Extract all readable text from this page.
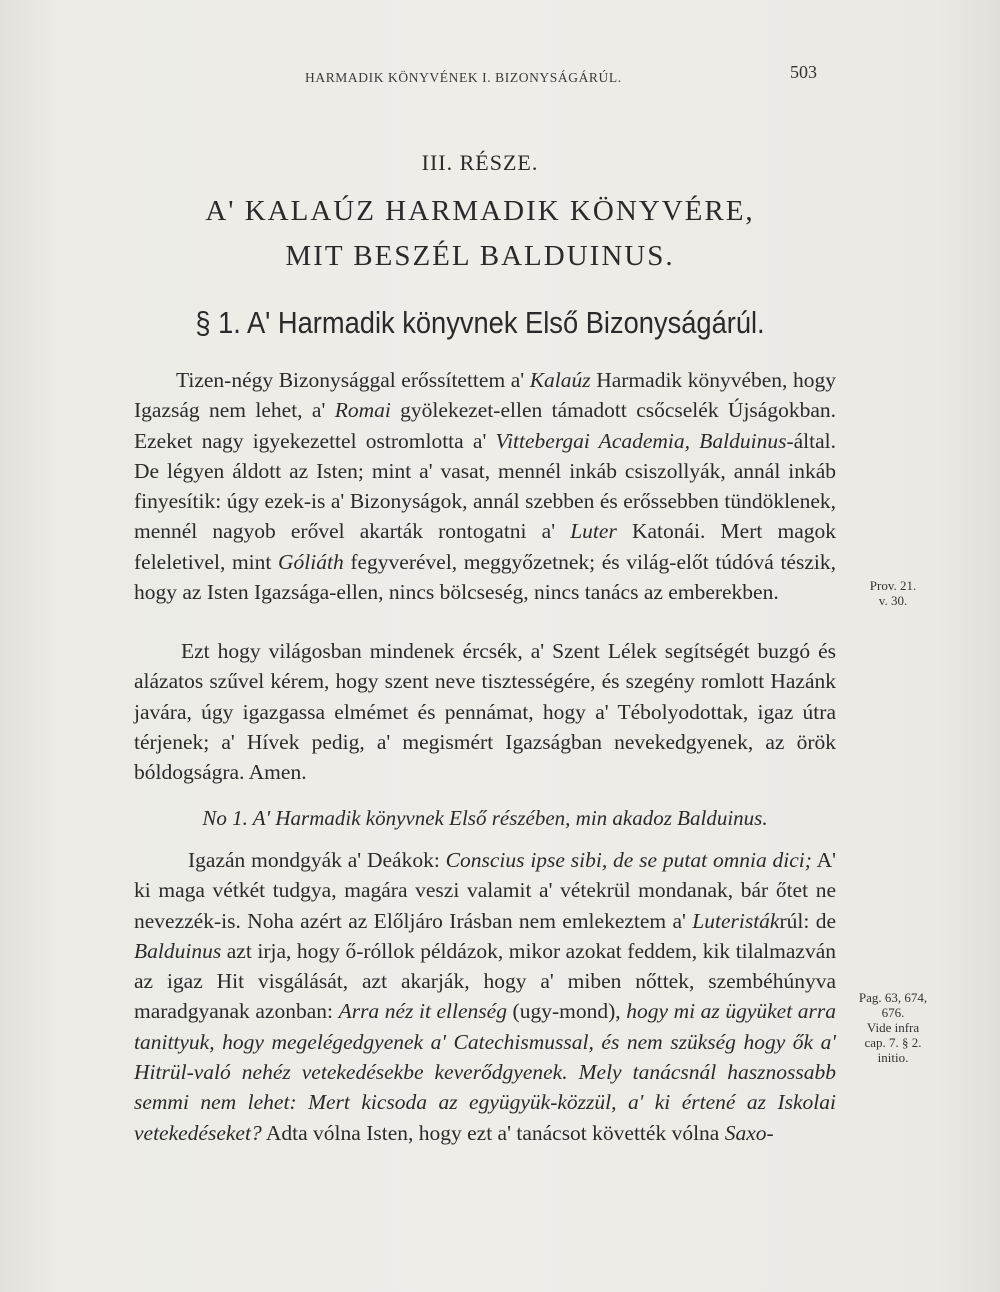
HARMADIK KÖNYVÉNEK I. BIZONYSÁGÁRÚL.	503
III. RÉSZE.
A' KALAÚZ HARMADIK KÖNYVÉRE,
MIT BESZÉL BALDUINUS.
§ 1. A' Harmadik könyvnek Első Bizonyságárúl.

Tizen-négy Bizonysággal erőssítettem a' Kalaúz Harmadik könyvében, hogy Igazság nem lehet, a' Romai gyölekezet-ellen támadott csőcselék Újságokban. Ezeket nagy igyekezettel ostromlotta a' Vittebergai Academia, Balduinus-által. De légyen áldott az Isten; mint a' vasat, mennél inkáb csiszollyák, annál inkáb finyesítik: úgy ezek-is a' Bizonyságok, annál szebben és erőssebben tündöklenek, mennél nagyob erővel akarták rontogatni a' Luter Katonái. Mert magok feleletivel, mint Góliáth fegyverével, meggyőzetnek; és világ-előt túdóvá tészik, hogy az Isten Igazsága-ellen, nincs bölcseség, nincs tanács az emberekben.

Ezt hogy világosban mindenek ércsék, a' Szent Lélek segítségét buzgó és alázatos szűvel kérem, hogy szent neve tisztességére, és szegény romlott Hazánk javára, úgy igazgassa elmémet és pennámat, hogy a' Tébolyodottak, igaz útra térjenek; a' Hívek pedig, a' megismért Igazságban nevekedgyenek, az örök bóldogságra. Amen.
No 1. A' Harmadik könyvnek Első részében, min akadoz Balduinus.

Igazán mondgyák a' Deákok: Conscius ipse sibi, de se putat omnia dici; A' ki maga vétkét tudgya, magára veszi valamit a' vétekrül mondanak, bár őtet ne nevezzék-is. Noha azért az Előljáro Irásban nem emlekeztem a' Luteristákrúl: de Balduinus azt irja, hogy ő-róllok példázok, mikor azokat feddem, kik tilalmazván az igaz Hit visgálását, azt akarják, hogy a' miben nőttek, szembéhúnyva maradgyanak azonban: Arra néz it ellenség (ugy-mond), hogy mi az ügyüket arra tanittyuk, hogy megelégedgyenek a' Catechismussal, és nem szükség hogy ők a' Hitrül-való nehéz vetekedésekbe keverődgyenek. Mely tanácsnál hasznossabb semmi nem lehet: Mert kicsoda az együgyük-közzül, a' ki értené az Iskolai vetekedéseket? Adta vólna Isten, hogy ezt a' tanácsot követték vólna Saxo-

Prov. 21.
v. 30.
Pag. 63, 674,
676.
Vide infra
cap. 7. § 2.
initio.
